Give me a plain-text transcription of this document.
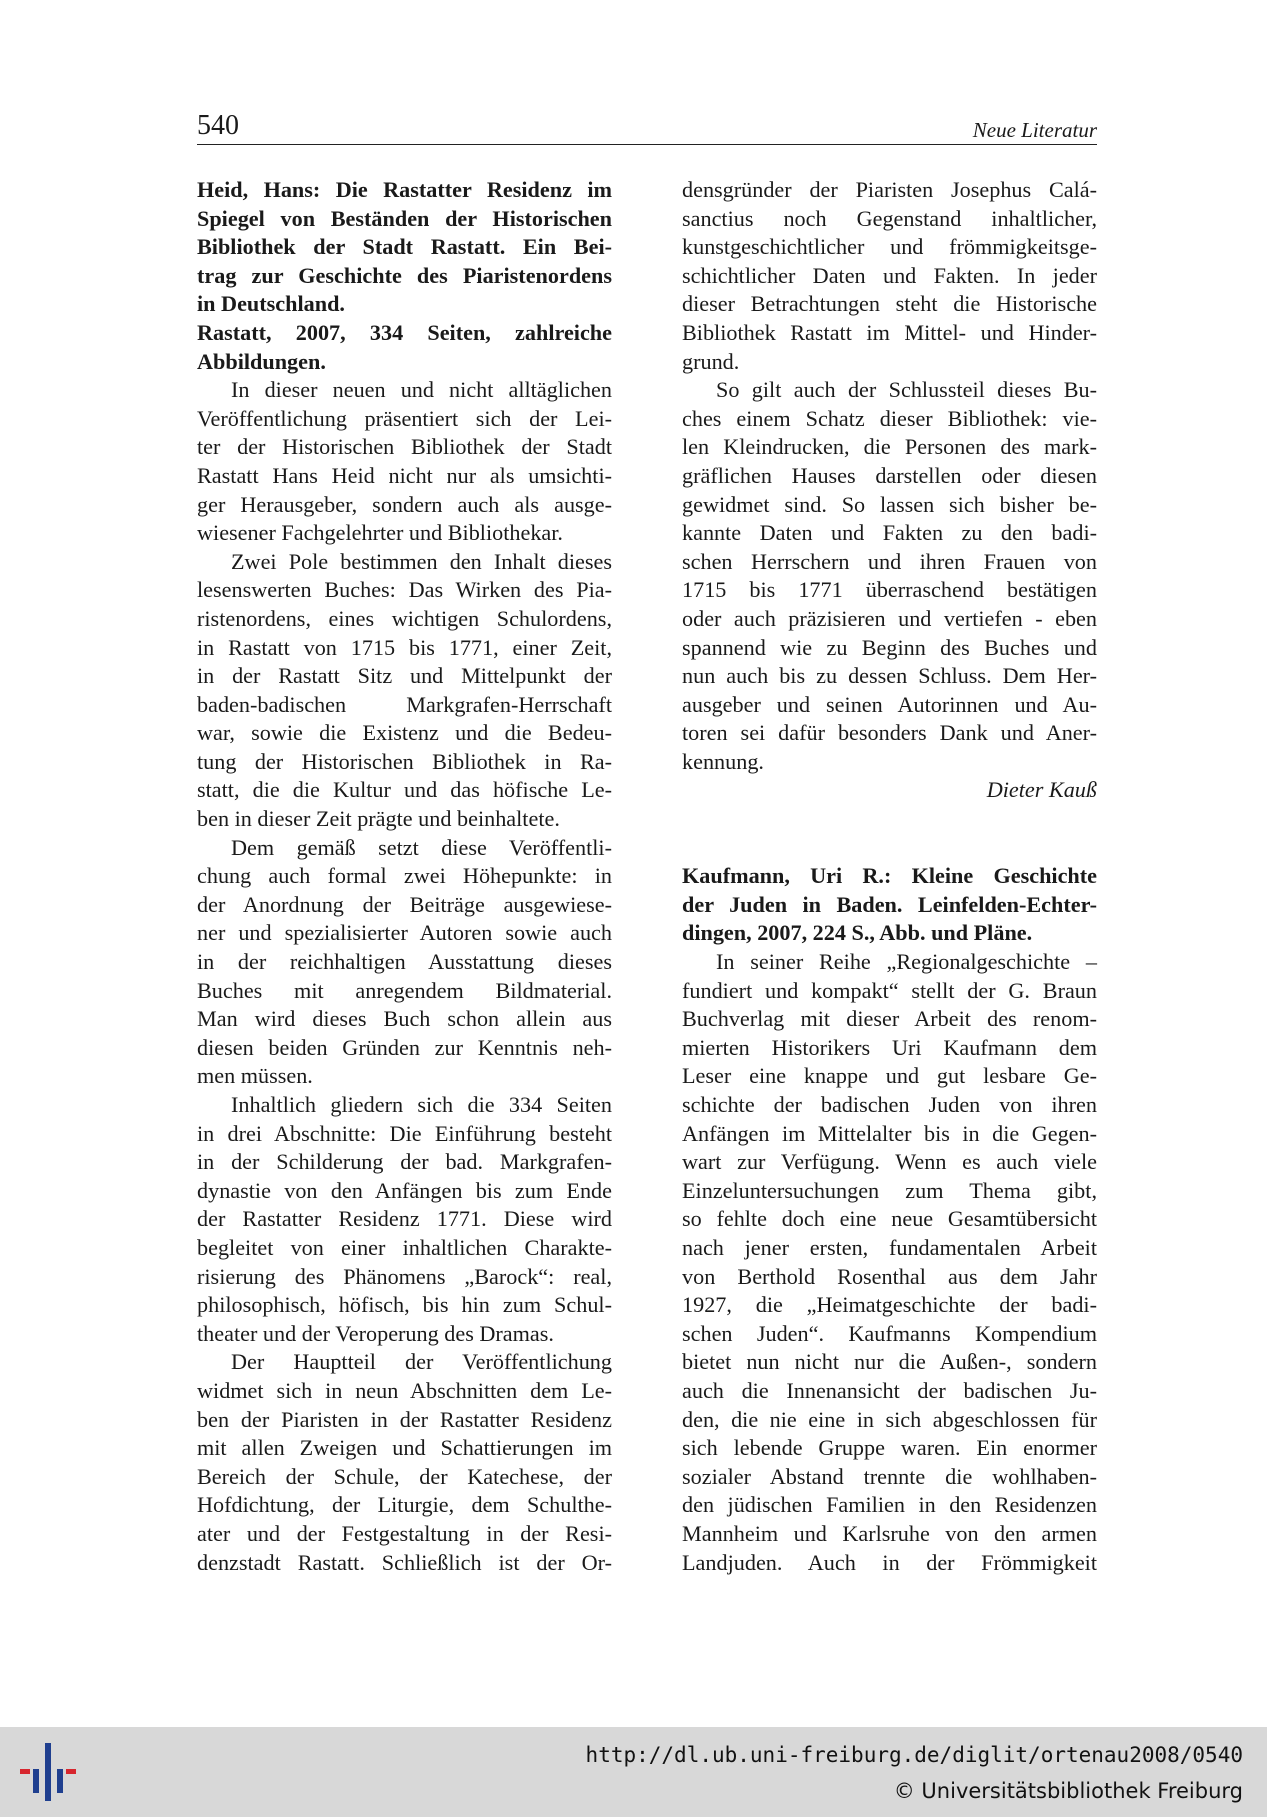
540	Neue Literatur
Heid, Hans: Die Rastatter Residenz im
Spiegel von Beständen der Historischen
Bibliothek der Stadt Rastatt. Ein Bei-
trag zur Geschichte des Piaristenordens
in Deutschland.
Rastatt, 2007, 334 Seiten, zahlreiche
Abbildungen.
In dieser neuen und nicht alltäglichen
Veröffentlichung präsentiert sich der Lei-
ter der Historischen Bibliothek der Stadt
Rastatt Hans Heid nicht nur als umsichti-
ger Herausgeber, sondern auch als ausge-
wiesener Fachgelehrter und Bibliothekar.
Zwei Pole bestimmen den Inhalt dieses
lesenswerten Buches: Das Wirken des Pia-
ristenordens, eines wichtigen Schulordens,
in Rastatt von 1715 bis 1771, einer Zeit,
in der Rastatt Sitz und Mittelpunkt der
baden-badischen Markgrafen-Herrschaft
war, sowie die Existenz und die Bedeu-
tung der Historischen Bibliothek in Ra-
statt, die die Kultur und das höfische Le-
ben in dieser Zeit prägte und beinhaltete.
Dem gemäß setzt diese Veröffentli-
chung auch formal zwei Höhepunkte: in
der Anordnung der Beiträge ausgewiese-
ner und spezialisierter Autoren sowie auch
in der reichhaltigen Ausstattung dieses
Buches mit anregendem Bildmaterial.
Man wird dieses Buch schon allein aus
diesen beiden Gründen zur Kenntnis neh-
men müssen.
Inhaltlich gliedern sich die 334 Seiten
in drei Abschnitte: Die Einführung besteht
in der Schilderung der bad. Markgrafen-
dynastie von den Anfängen bis zum Ende
der Rastatter Residenz 1771. Diese wird
begleitet von einer inhaltlichen Charakte-
risierung des Phänomens „Barock“: real,
philosophisch, höfisch, bis hin zum Schul-
theater und der Veroperung des Dramas.
Der Hauptteil der Veröffentlichung
widmet sich in neun Abschnitten dem Le-
ben der Piaristen in der Rastatter Residenz
mit allen Zweigen und Schattierungen im
Bereich der Schule, der Katechese, der
Hofdichtung, der Liturgie, dem Schulthe-
ater und der Festgestaltung in der Resi-
denzstadt Rastatt. Schließlich ist der Or-
densgründer der Piaristen Josephus Calá-
sanctius noch Gegenstand inhaltlicher,
kunstgeschichtlicher und frömmigkeitsge-
schichtlicher Daten und Fakten. In jeder
dieser Betrachtungen steht die Historische
Bibliothek Rastatt im Mittel- und Hinder-
grund.
So gilt auch der Schlussteil dieses Bu-
ches einem Schatz dieser Bibliothek: vie-
len Kleindrucken, die Personen des mark-
gräflichen Hauses darstellen oder diesen
gewidmet sind. So lassen sich bisher be-
kannte Daten und Fakten zu den badi-
schen Herrschern und ihren Frauen von
1715 bis 1771 überraschend bestätigen
oder auch präzisieren und vertiefen - eben
spannend wie zu Beginn des Buches und
nun auch bis zu dessen Schluss. Dem Her-
ausgeber und seinen Autorinnen und Au-
toren sei dafür besonders Dank und Aner-
kennung.
Dieter Kauß
Kaufmann, Uri R.: Kleine Geschichte
der Juden in Baden. Leinfelden-Echter-
dingen, 2007, 224 S., Abb. und Pläne.
In seiner Reihe „Regionalgeschichte –
fundiert und kompakt“ stellt der G. Braun
Buchverlag mit dieser Arbeit des renom-
mierten Historikers Uri Kaufmann dem
Leser eine knappe und gut lesbare Ge-
schichte der badischen Juden von ihren
Anfängen im Mittelalter bis in die Gegen-
wart zur Verfügung. Wenn es auch viele
Einzeluntersuchungen zum Thema gibt,
so fehlte doch eine neue Gesamtübersicht
nach jener ersten, fundamentalen Arbeit
von Berthold Rosenthal aus dem Jahr
1927, die „Heimatgeschichte der badi-
schen Juden“. Kaufmanns Kompendium
bietet nun nicht nur die Außen-, sondern
auch die Innenansicht der badischen Ju-
den, die nie eine in sich abgeschlossen für
sich lebende Gruppe waren. Ein enormer
sozialer Abstand trennte die wohlhaben-
den jüdischen Familien in den Residenzen
Mannheim und Karlsruhe von den armen
Landjuden. Auch in der Frömmigkeit
http://dl.ub.uni-freiburg.de/diglit/ortenau2008/0540
© Universitätsbibliothek Freiburg
